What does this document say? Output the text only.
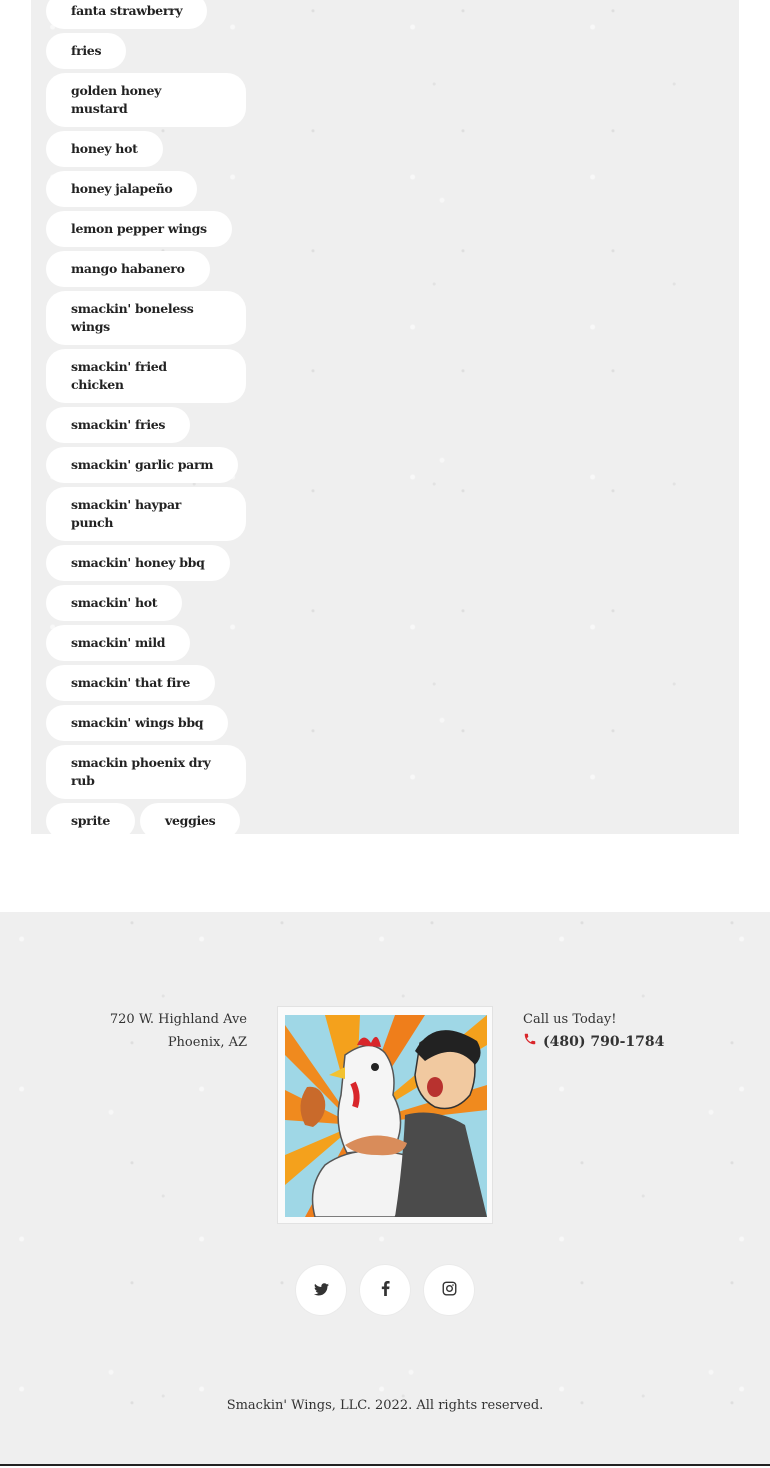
fanta strawberry
fries
golden honey mustard
honey hot
honey jalapeño
lemon pepper wings
mango habanero
smackin' boneless wings
smackin' fried chicken
smackin' fries
smackin' garlic parm
smackin' haypar punch
smackin' honey bbq
smackin' hot
smackin' mild
smackin' that fire
smackin' wings bbq
smackin phoenix dry rub
sprite	veggies
720 W. Highland Ave
Phoenix, AZ
Call us Today!
(480) 790-1784
Smackin' Wings, LLC. 2022. All rights reserved.
